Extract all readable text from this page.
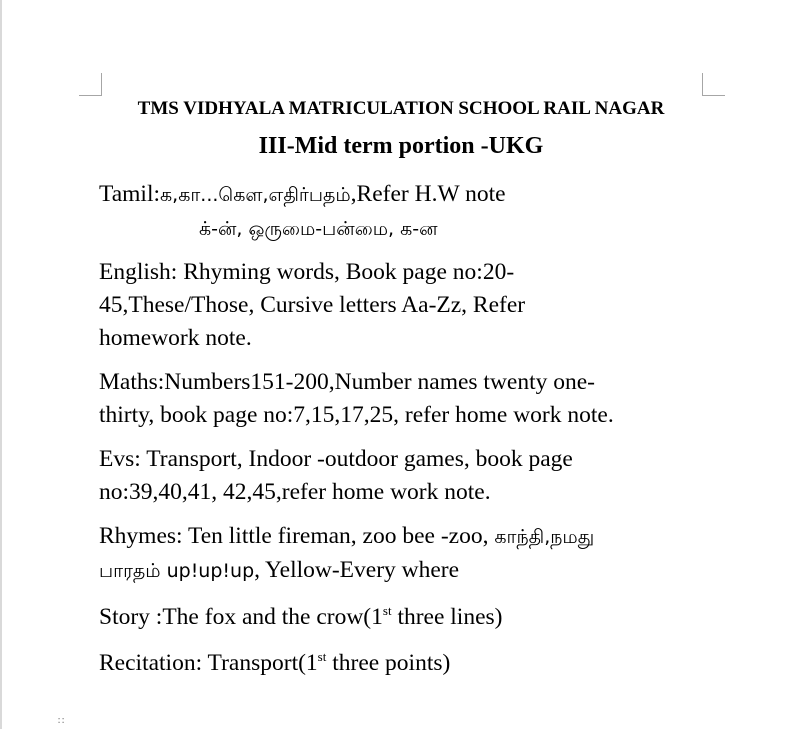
TMS VIDHYALA MATRICULATION SCHOOL RAIL NAGAR

III-Mid term portion -UKG

Tamil:க,கா...கெள,எதிர்பதம்,Refer H.W note

க்-ன், ஒருமை-பன்மை, க-ன

English: Rhyming words, Book page no:20-
45,These/Those, Cursive letters Aa-Zz, Refer
homework note.

Maths:Numbers151-200,Number names twenty one-
thirty, book page no:7,15,17,25, refer home work note.

Evs: Transport, Indoor -outdoor games, book page
no:39,40,41, 42,45,refer home work note.

Rhymes: Ten little fireman, zoo bee -zoo, காந்தி,நமது
பாரதம் up!up!up, Yellow-Every where

Story :The fox and the crow(1st three lines)

Recitation: Transport(1st three points)

∷
